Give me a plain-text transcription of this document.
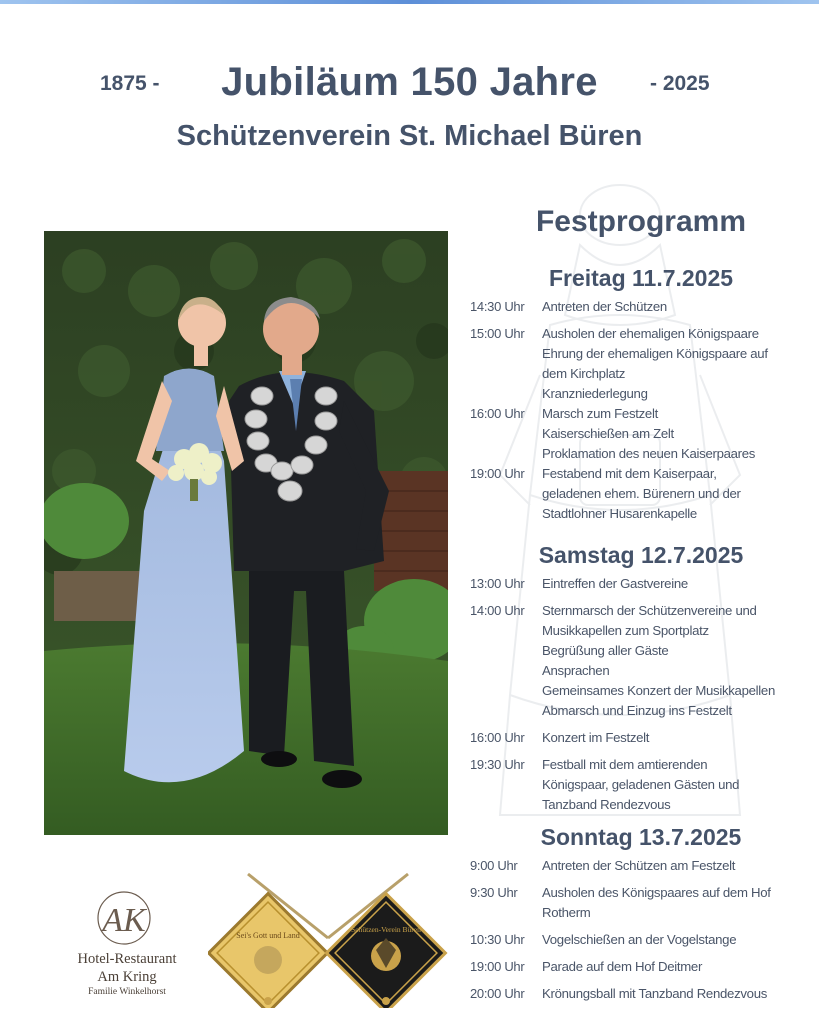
1875 -	Jubiläum 150 Jahre	- 2025
Schützenverein St. Michael Büren
Festprogramm
Freitag 11.7.2025
14:30 Uhr	Antreten der Schützen
15:00 Uhr	Ausholen der ehemaligen Königspaare
Ehrung der ehemaligen Königspaare auf
dem Kirchplatz
Kranzniederlegung
16:00 Uhr	Marsch zum Festzelt
Kaiserschießen am Zelt
Proklamation des neuen Kaiserpaares
19:00 Uhr	Festabend mit dem Kaiserpaar,
geladenen ehem. Bürenern und der
Stadtlohner Husarenkapelle
Samstag 12.7.2025
13:00 Uhr	Eintreffen der Gastvereine
14:00 Uhr	Sternmarsch der Schützenvereine und
Musikkapellen zum Sportplatz
Begrüßung aller Gäste
Ansprachen
Gemeinsames Konzert der Musikkapellen
Abmarsch und Einzug ins Festzelt
16:00 Uhr	Konzert im Festzelt
19:30 Uhr	Festball mit dem amtierenden
Königspaar, geladenen Gästen und
Tanzband Rendezvous
Sonntag 13.7.2025
9:00 Uhr	Antreten der Schützen am Festzelt
9:30 Uhr	Ausholen des Königspaares auf dem Hof
Rotherm
10:30 Uhr	Vogelschießen an der Vogelstange
19:00 Uhr	Parade auf dem Hof Deitmer
20:00 Uhr	Krönungsball mit Tanzband Rendezvous
AK
Hotel-Restaurant
Am Kring
Familie Winkelhorst
Sei's Gott und Land
Schützen-Verein Büren
